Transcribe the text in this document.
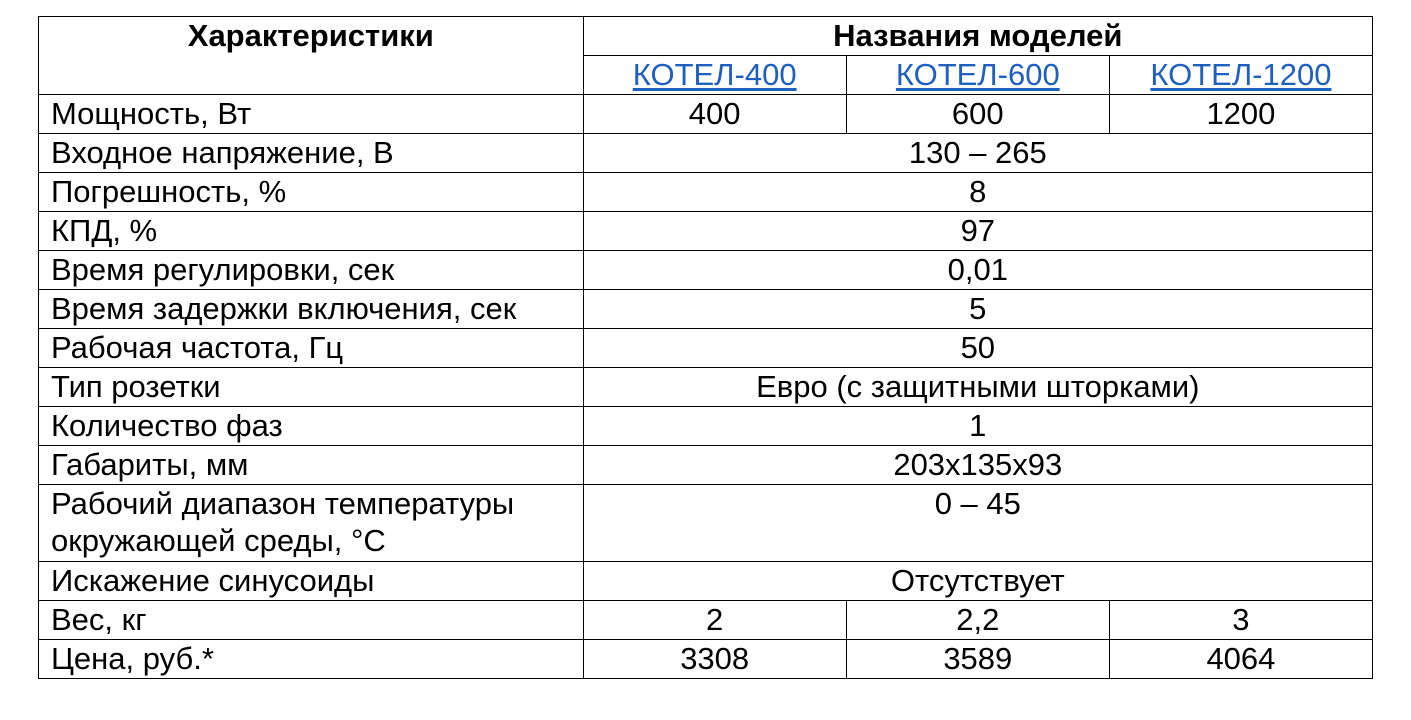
Характеристики	Названия моделей		
	КОТЕЛ-400	КОТЕЛ-600	КОТЕЛ-1200
Мощность, Вт	400	600	1200
Входное напряжение, В	130 – 265		
Погрешность, %	8		
КПД, %	97		
Время регулировки, сек	0,01		
Время задержки включения, сек	5		
Рабочая частота, Гц	50		
Тип розетки	Евро (с защитными шторками)		
Количество фаз	1		
Габариты, мм	203x135x93		
Рабочий диапазон температуры
окружающей среды, °С	0 – 45		
Искажение синусоиды	Отсутствует		
Вес, кг	2	2,2	3
Цена, руб.*	3308	3589	4064
